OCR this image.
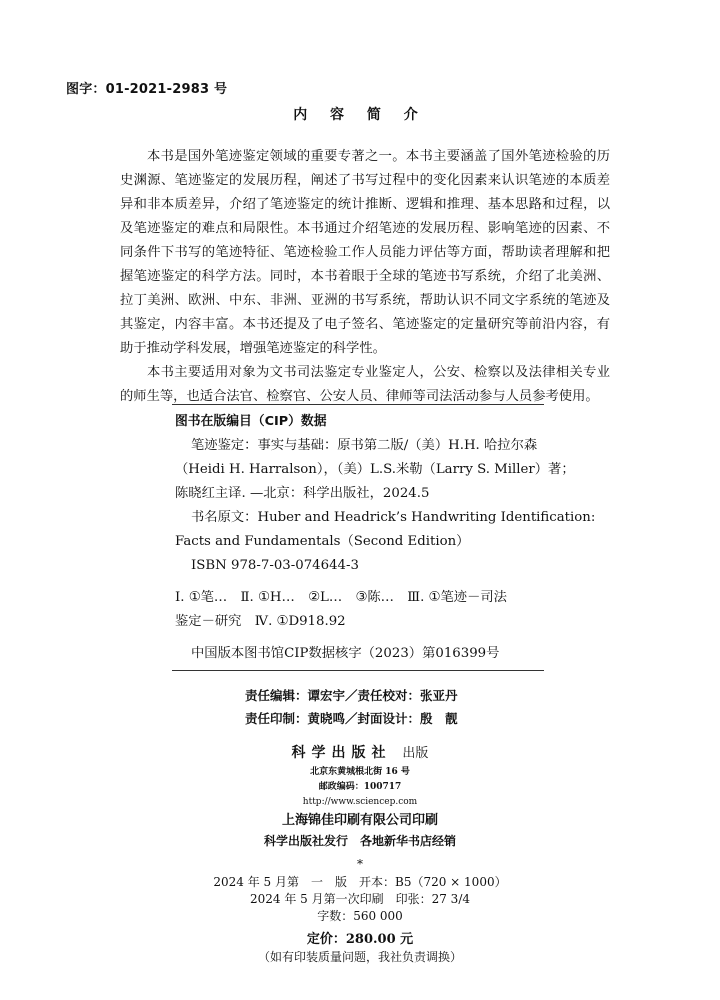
图字：01-2021-2983 号
内 容 简 介

本书是国外笔迹鉴定领域的重要专著之一。本书主要涵盖了国外笔迹检验的历史渊源、笔迹鉴定的发展历程，阐述了书写过程中的变化因素来认识笔迹的本质差异和非本质差异，介绍了笔迹鉴定的统计推断、逻辑和推理、基本思路和过程，以及笔迹鉴定的难点和局限性。本书通过介绍笔迹的发展历程、影响笔迹的因素、不同条件下书写的笔迹特征、笔迹检验工作人员能力评估等方面，帮助读者理解和把握笔迹鉴定的科学方法。同时，本书着眼于全球的笔迹书写系统，介绍了北美洲、拉丁美洲、欧洲、中东、非洲、亚洲的书写系统，帮助认识不同文字系统的笔迹及其鉴定，内容丰富。本书还提及了电子签名、笔迹鉴定的定量研究等前沿内容，有助于推动学科发展，增强笔迹鉴定的科学性。

本书主要适用对象为文书司法鉴定专业鉴定人，公安、检察以及法律相关专业的师生等，也适合法官、检察官、公安人员、律师等司法活动参与人员参考使用。

图书在版编目（CIP）数据
笔迹鉴定：事实与基础：原书第二版/（美）H.H. 哈拉尔森
（Heidi H. Harralson），（美）L.S.米勒（Larry S. Miller）著；
陈晓红主译. —北京：科学出版社，2024.5
书名原文：Huber and Headrick’s Handwriting Identification:
Facts and Fundamentals（Second Edition）
ISBN 978-7-03-074644-3
Ⅰ. ①笔…　Ⅱ. ①H…　②L…　③陈…　Ⅲ. ①笔迹－司法
鉴定－研究　Ⅳ. ①D918.92
中国版本图书馆CIP数据核字（2023）第016399号
责任编辑：谭宏宇／责任校对：张亚丹
责任印制：黄晓鸣／封面设计：殷　靓
科学出版社 出版
北京东黄城根北街 16 号
邮政编码：100717
http://www.sciencep.com
上海锦佳印刷有限公司印刷
科学出版社发行　各地新华书店经销
*
2024 年 5 月第　一　版　开本：B5（720 × 1000）
2024 年 5 月第一次印刷　印张：27 3/4
字数：560 000
定价：280.00 元
（如有印装质量问题，我社负责调换）
